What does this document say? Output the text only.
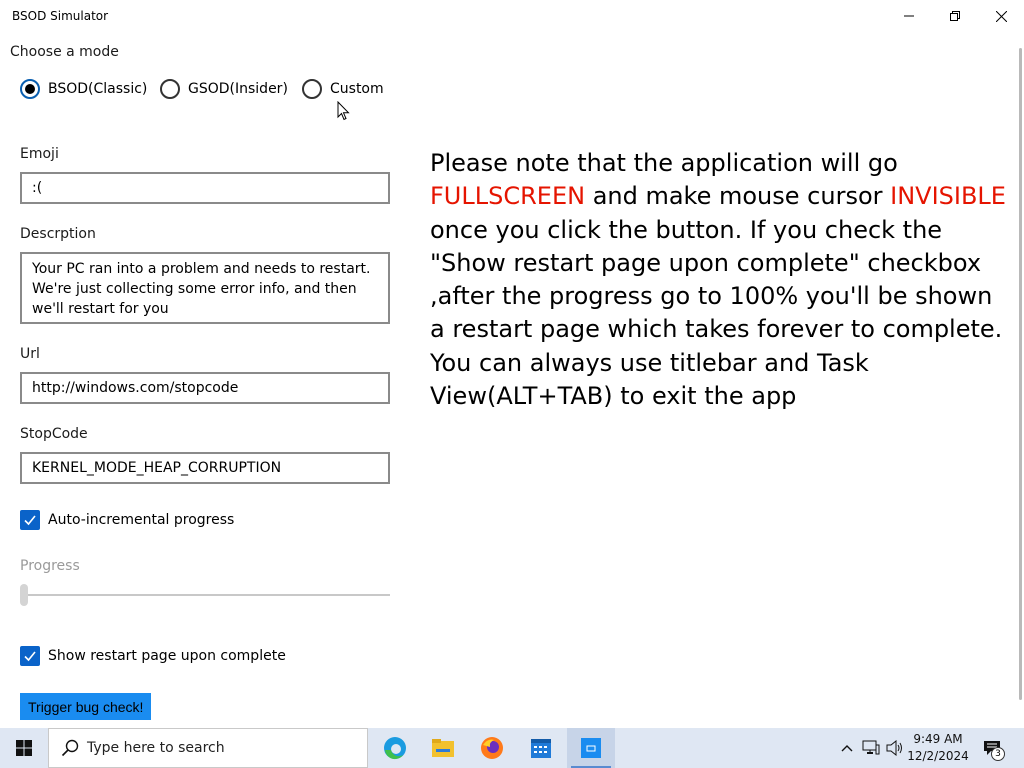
BSOD Simulator
Choose a mode
BSOD(Classic)	GSOD(Insider)	Custom
Emoji
:(
Descrption
Your PC ran into a problem and needs to restart. We're just collecting some error info, and then we'll restart for you
Url
http://windows.com/stopcode
StopCode
KERNEL_MODE_HEAP_CORRUPTION
Auto-incremental progress
Progress
Show restart page upon complete
Trigger bug check!
Please note that the application will go
FULLSCREEN and make mouse cursor INVISIBLE once you click the button. If you check the "Show restart page upon complete" checkbox ,after the progress go to 100% you'll be shown a restart page which takes forever to complete.
You can always use titlebar and Task View(ALT+TAB) to exit the app
Type here to search
9:49 AM
12/2/2024	3
